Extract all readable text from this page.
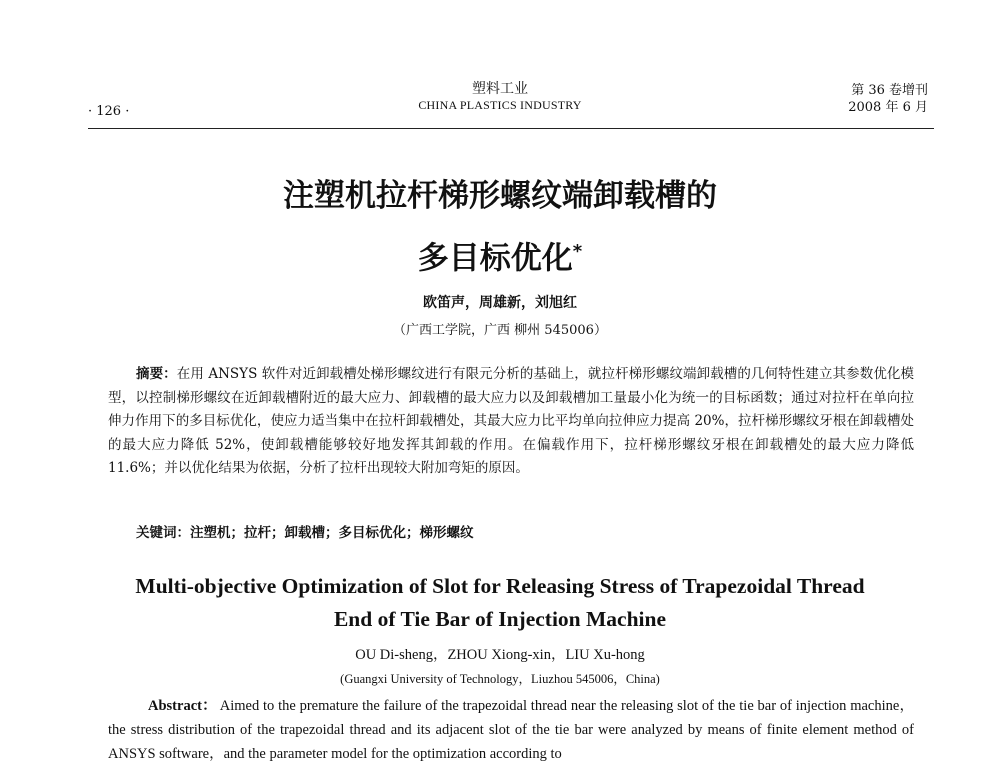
· 126 ·
塑料工业
CHINA PLASTICS INDUSTRY
第 36 卷增刊
2008 年 6 月
注塑机拉杆梯形螺纹端卸载槽的
多目标优化*
欧笛声，周雄新，刘旭红
（广西工学院，广西 柳州 545006）
摘要：在用 ANSYS 软件对近卸载槽处梯形螺纹进行有限元分析的基础上，就拉杆梯形螺纹端卸载槽的几何特性建立其参数优化模型，以控制梯形螺纹在近卸载槽附近的最大应力、卸载槽的最大应力以及卸载槽加工量最小化为统一的目标函数；通过对拉杆在单向拉伸力作用下的多目标优化，使应力适当集中在拉杆卸载槽处，其最大应力比平均单向拉伸应力提高 20%，拉杆梯形螺纹牙根在卸载槽处的最大应力降低 52%，使卸载槽能够较好地发挥其卸载的作用。在偏载作用下，拉杆梯形螺纹牙根在卸载槽处的最大应力降低 11.6%；并以优化结果为依据，分析了拉杆出现较大附加弯矩的原因。
关键词：注塑机；拉杆；卸载槽；多目标优化；梯形螺纹
Multi-objective Optimization of Slot for Releasing Stress of Trapezoidal Thread
End of Tie Bar of Injection Machine
OU Di-sheng，ZHOU Xiong-xin，LIU Xu-hong
(Guangxi University of Technology，Liuzhou 545006，China)
Abstract： Aimed to the premature the failure of the trapezoidal thread near the releasing slot of the tie bar of injection machine，the stress distribution of the trapezoidal thread and its adjacent slot of the tie bar were analyzed by means of finite element method of ANSYS software，and the parameter model for the optimization according to
